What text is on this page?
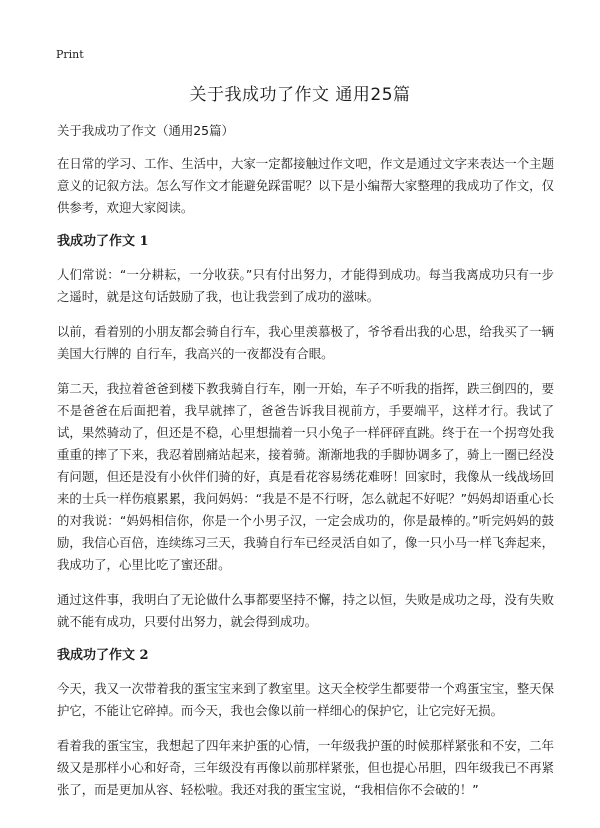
Print
关于我成功了作文 通用25篇

关于我成功了作文（通用25篇）

在日常的学习、工作、生活中，大家一定都接触过作文吧，作文是通过文字来表达一个主题意义的记叙方法。怎么写作文才能避免踩雷呢？以下是小编帮大家整理的我成功了作文，仅供参考，欢迎大家阅读。

我成功了作文 1

人们常说：“一分耕耘，一分收获。”只有付出努力，才能得到成功。每当我离成功只有一步之遥时，就是这句话鼓励了我，也让我尝到了成功的滋味。

以前，看着别的小朋友都会骑自行车，我心里羡慕极了，爷爷看出我的心思，给我买了一辆美国大行牌的 自行车，我高兴的一夜都没有合眼。

第二天，我拉着爸爸到楼下教我骑自行车，刚一开始，车子不听我的指挥，跌三倒四的，要不是爸爸在后面把着，我早就摔了，爸爸告诉我目视前方，手要端平，这样才行。我试了试，果然骑动了，但还是不稳，心里想揣着一只小兔子一样砰砰直跳。终于在一个拐弯处我重重的摔了下来，我忍着剧痛站起来，接着骑。渐渐地我的手脚协调多了，骑上一圈已经没有问题，但还是没有小伙伴们骑的好，真是看花容易绣花难呀！回家时，我像从一线战场回来的士兵一样伤痕累累，我问妈妈：“我是不是不行呀，怎么就起不好呢？”妈妈却语重心长的对我说：“妈妈相信你，你是一个小男子汉，一定会成功的，你是最棒的。”听完妈妈的鼓励，我信心百倍，连续练习三天，我骑自行车已经灵活自如了，像一只小马一样飞奔起来，我成功了，心里比吃了蜜还甜。

通过这件事，我明白了无论做什么事都要坚持不懈，持之以恒，失败是成功之母，没有失败就不能有成功，只要付出努力，就会得到成功。

我成功了作文 2

今天，我又一次带着我的蛋宝宝来到了教室里。这天全校学生都要带一个鸡蛋宝宝，整天保护它，不能让它碎掉。而今天，我也会像以前一样细心的保护它，让它完好无损。

看着我的蛋宝宝，我想起了四年来护蛋的心情，一年级我护蛋的时候那样紧张和不安，二年级又是那样小心和好奇，三年级没有再像以前那样紧张，但也提心吊胆，四年级我已不再紧张了，而是更加从容、轻松啦。我还对我的蛋宝宝说，“我相信你不会破的！”
